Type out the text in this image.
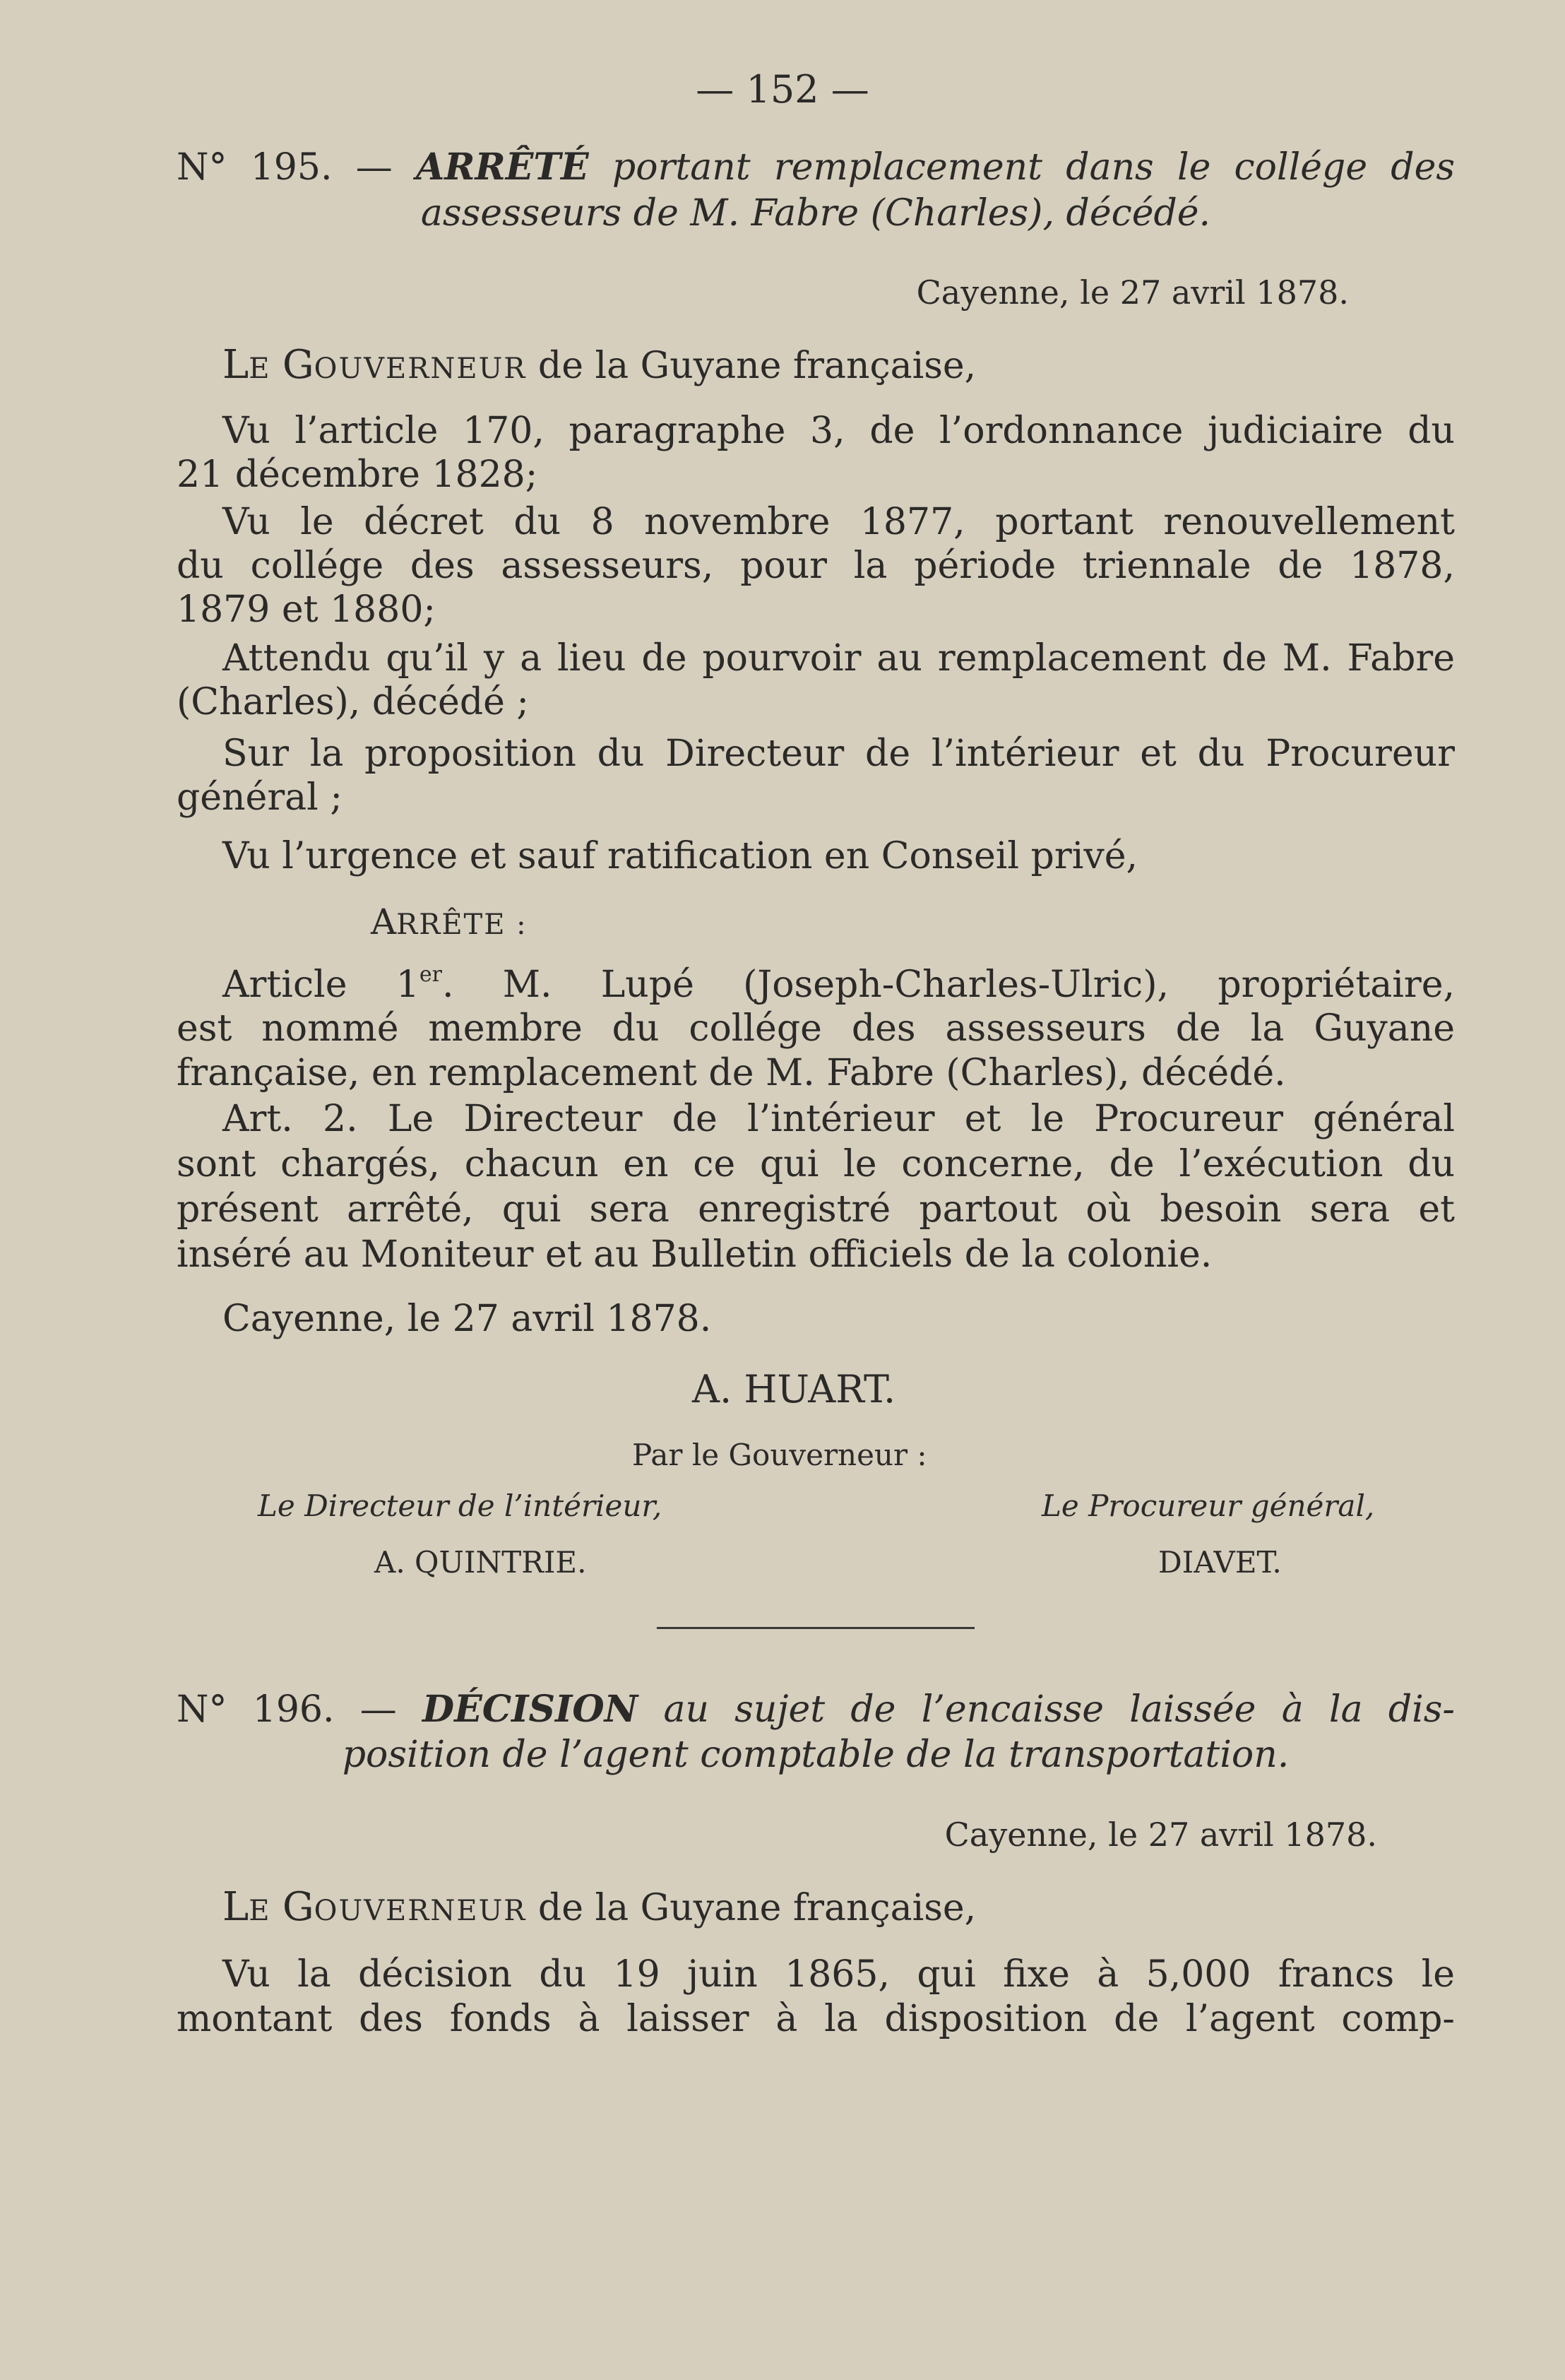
— 152 —
N° 195. — ARRÊTÉ portant remplacement dans le collége des
assesseurs de M. Fabre (Charles), décédé.
Cayenne, le 27 avril 1878.
LE GOUVERNEUR de la Guyane française,
Vu l’article 170, paragraphe 3, de l’ordonnance judiciaire du
21 décembre 1828;
Vu le décret du 8 novembre 1877, portant renouvellement
du collége des assesseurs, pour la période triennale de 1878,
1879 et 1880;
Attendu qu’il y a lieu de pourvoir au remplacement de M. Fabre
(Charles), décédé ;
Sur la proposition du Directeur de l’intérieur et du Procureur
général ;
Vu l’urgence et sauf ratification en Conseil privé,
ARRÊTE :
Article 1er. M. Lupé (Joseph-Charles-Ulric), propriétaire,
est nommé membre du collége des assesseurs de la Guyane
française, en remplacement de M. Fabre (Charles), décédé.
Art. 2. Le Directeur de l’intérieur et le Procureur général
sont chargés, chacun en ce qui le concerne, de l’exécution du
présent arrêté, qui sera enregistré partout où besoin sera et
inséré au Moniteur et au Bulletin officiels de la colonie.
Cayenne, le 27 avril 1878.
A. HUART.
Par le Gouverneur :
Le Directeur de l’intérieur,	Le Procureur général,
A. QUINTRIE.	DIAVET.
N° 196. — DÉCISION au sujet de l’encaisse laissée à la dis-
position de l’agent comptable de la transportation.
Cayenne, le 27 avril 1878.
LE GOUVERNEUR de la Guyane française,
Vu la décision du 19 juin 1865, qui fixe à 5,000 francs le
montant des fonds à laisser à la disposition de l’agent comp-
